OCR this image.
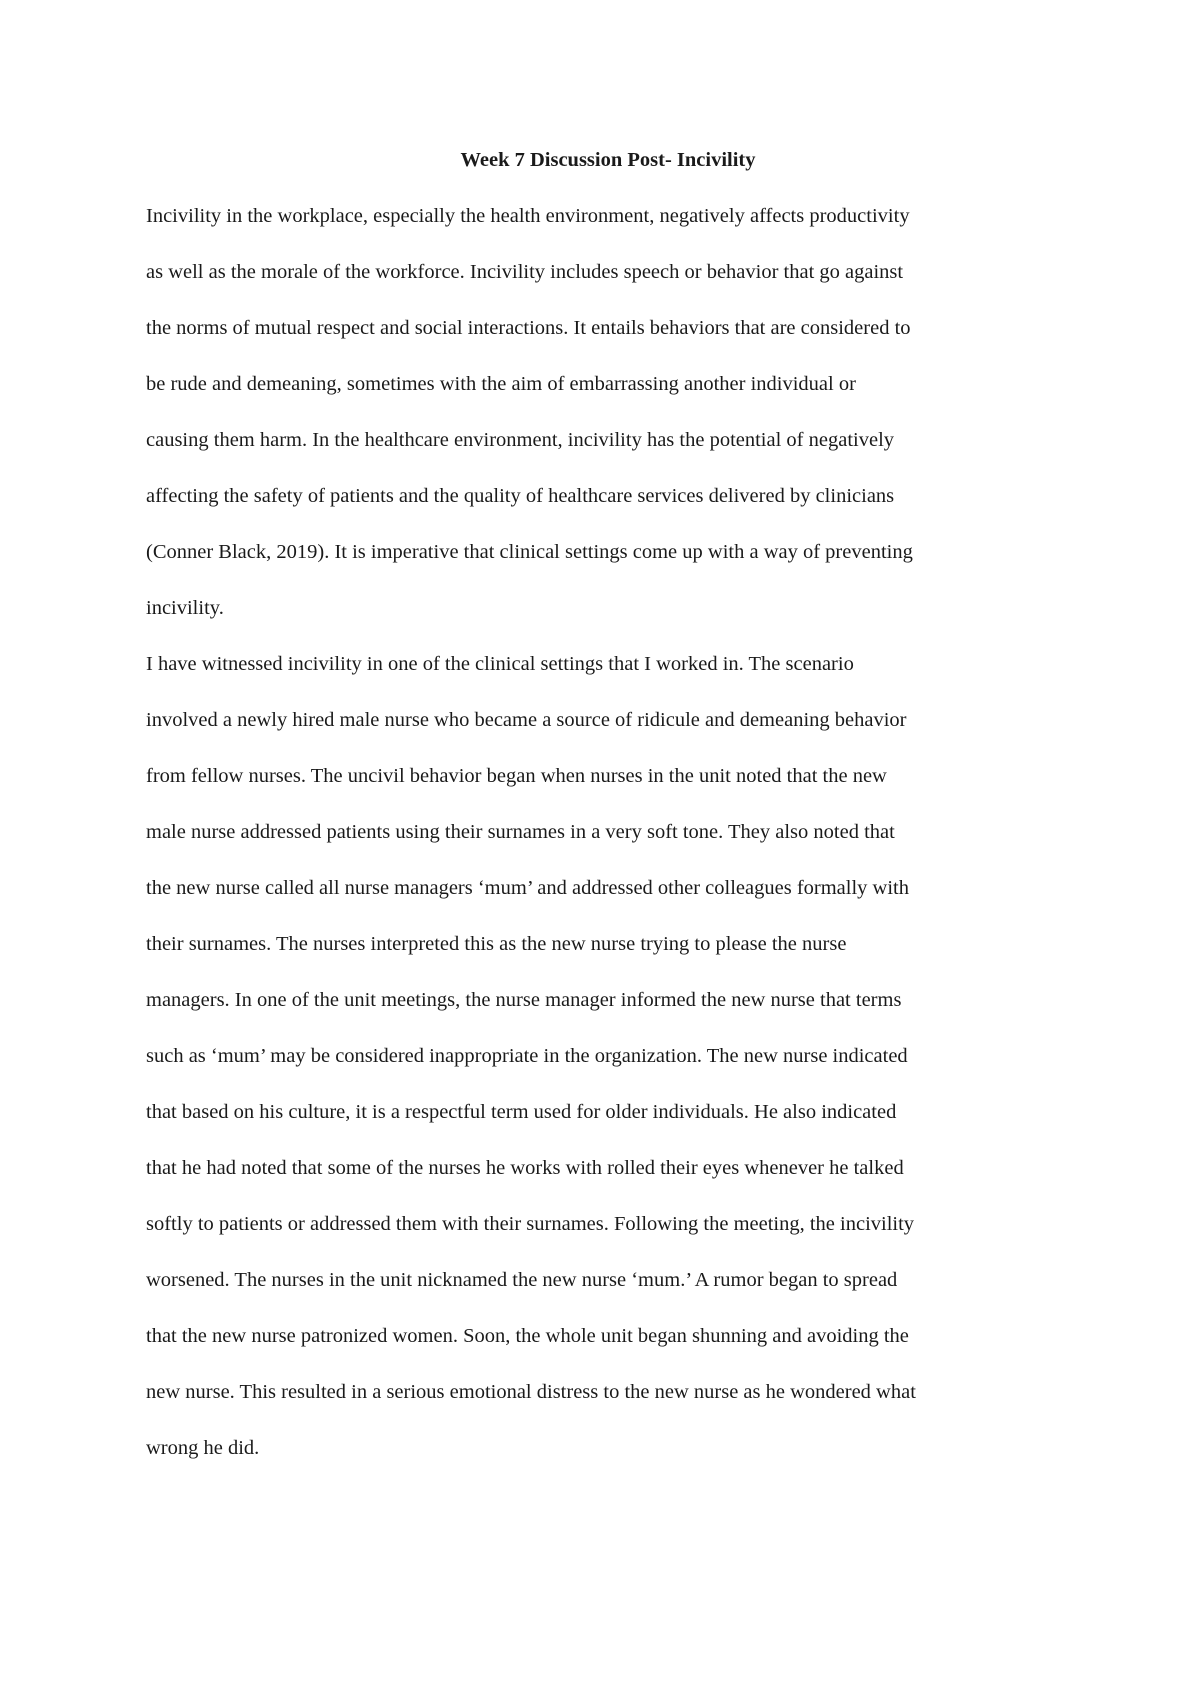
Week 7 Discussion Post- Incivility
Incivility in the workplace, especially the health environment, negatively affects productivity
as well as the morale of the workforce. Incivility includes speech or behavior that go against
the norms of mutual respect and social interactions. It entails behaviors that are considered to
be rude and demeaning, sometimes with the aim of embarrassing another individual or
causing them harm. In the healthcare environment, incivility has the potential of negatively
affecting the safety of patients and the quality of healthcare services delivered by clinicians
(Conner Black, 2019). It is imperative that clinical settings come up with a way of preventing
incivility.
I have witnessed incivility in one of the clinical settings that I worked in. The scenario
involved a newly hired male nurse who became a source of ridicule and demeaning behavior
from fellow nurses. The uncivil behavior began when nurses in the unit noted that the new
male nurse addressed patients using their surnames in a very soft tone. They also noted that
the new nurse called all nurse managers ‘mum’ and addressed other colleagues formally with
their surnames. The nurses interpreted this as the new nurse trying to please the nurse
managers. In one of the unit meetings, the nurse manager informed the new nurse that terms
such as ‘mum’ may be considered inappropriate in the organization. The new nurse indicated
that based on his culture, it is a respectful term used for older individuals. He also indicated
that he had noted that some of the nurses he works with rolled their eyes whenever he talked
softly to patients or addressed them with their surnames. Following the meeting, the incivility
worsened. The nurses in the unit nicknamed the new nurse ‘mum.’ A rumor began to spread
that the new nurse patronized women. Soon, the whole unit began shunning and avoiding the
new nurse. This resulted in a serious emotional distress to the new nurse as he wondered what
wrong he did.
